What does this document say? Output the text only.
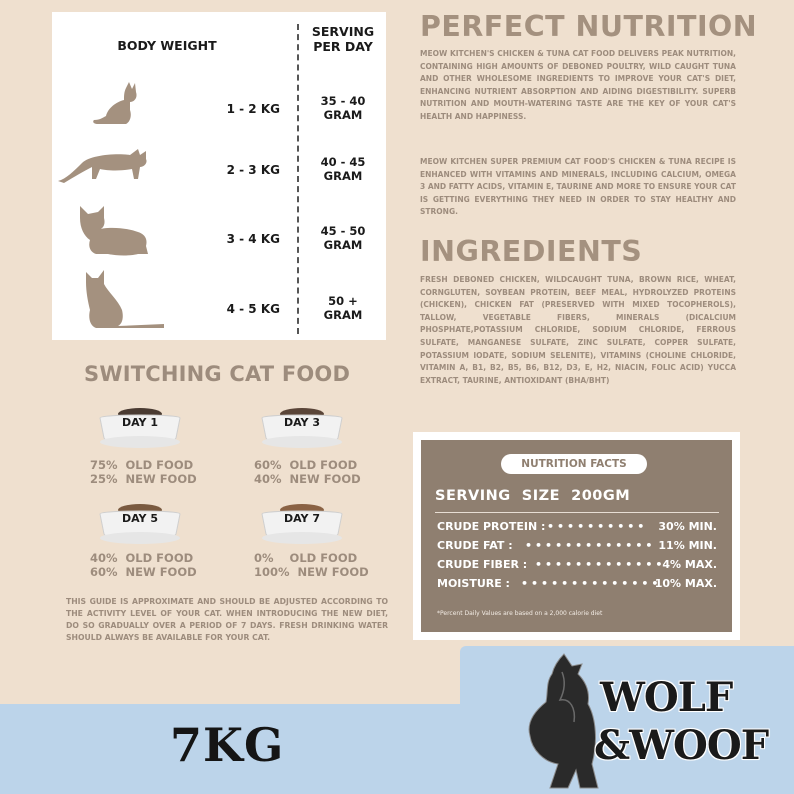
BODY WEIGHT
SERVING
PER DAY
1 - 2 KG
35 - 40
GRAM
2 - 3 KG
40 - 45
GRAM
3 - 4 KG
45 - 50
GRAM
4 - 5 KG
50 +
GRAM
SWITCHING CAT FOOD
DAY 1	DAY 3
DAY 5	DAY 7
75%  OLD FOOD
25%  NEW FOOD
60%  OLD FOOD
40%  NEW FOOD
40%  OLD FOOD
60%  NEW FOOD
0%    OLD FOOD
100%  NEW FOOD
THIS GUIDE IS APPROXIMATE AND SHOULD BE ADJUSTED ACCORDING TO THE ACTIVITY LEVEL OF YOUR CAT. WHEN INTRODUCING THE NEW DIET, DO SO GRADUALLY OVER A PERIOD OF 7 DAYS. FRESH DRINKING WATER SHOULD ALWAYS BE AVAILABLE FOR YOUR CAT.
PERFECT NUTRITION
MEOW KITCHEN'S CHICKEN & TUNA CAT FOOD DELIVERS PEAK NUTRITION, CONTAINING HIGH AMOUNTS OF DEBONED POULTRY, WILD CAUGHT TUNA AND OTHER WHOLESOME INGREDIENTS TO IMPROVE YOUR CAT'S DIET, ENHANCING NUTRIENT ABSORPTION AND AIDING DIGESTIBILITY. SUPERB NUTRITION AND MOUTH-WATERING TASTE ARE THE KEY OF YOUR CAT'S HEALTH AND HAPPINESS.
MEOW KITCHEN SUPER PREMIUM CAT FOOD'S CHICKEN & TUNA RECIPE IS ENHANCED WITH VITAMINS AND MINERALS, INCLUDING CALCIUM, OMEGA 3 AND FATTY ACIDS, VITAMIN E, TAURINE AND MORE TO ENSURE YOUR CAT IS GETTING EVERYTHING THEY NEED IN ORDER TO STAY HEALTHY AND STRONG.
INGREDIENTS
FRESH DEBONED CHICKEN, WILDCAUGHT TUNA, BROWN RICE, WHEAT, CORNGLUTEN, SOYBEAN PROTEIN, BEEF MEAL, HYDROLYZED PROTEINS (CHICKEN), CHICKEN FAT (PRESERVED WITH MIXED TOCOPHEROLS), TALLOW, VEGETABLE FIBERS, MINERALS (DICALCIUM PHOSPHATE,POTASSIUM CHLORIDE, SODIUM CHLORIDE, FERROUS SULFATE, MANGANESE SULFATE, ZINC SULFATE, COPPER SULFATE, POTASSIUM IODATE, SODIUM SELENITE), VITAMINS (CHOLINE CHLORIDE, VITAMIN A, B1, B2, B5, B6, B12, D3, E, H2, NIACIN, FOLIC ACID) YUCCA EXTRACT, TAURINE, ANTIOXIDANT (BHA/BHT)
NUTRITION FACTS
SERVING  SIZE  200GM
CRUDE PROTEIN : •••••••••• 30% MIN.
CRUDE FAT : ••••••••••••• 11% MIN.
CRUDE FIBER : •••••••••••••
4% MAX.
MOISTURE : ••••••••••••••
10% MAX.
*Percent Daily Values are based on a 2,000 calorie diet
7KG
WOLF
&WOOF
